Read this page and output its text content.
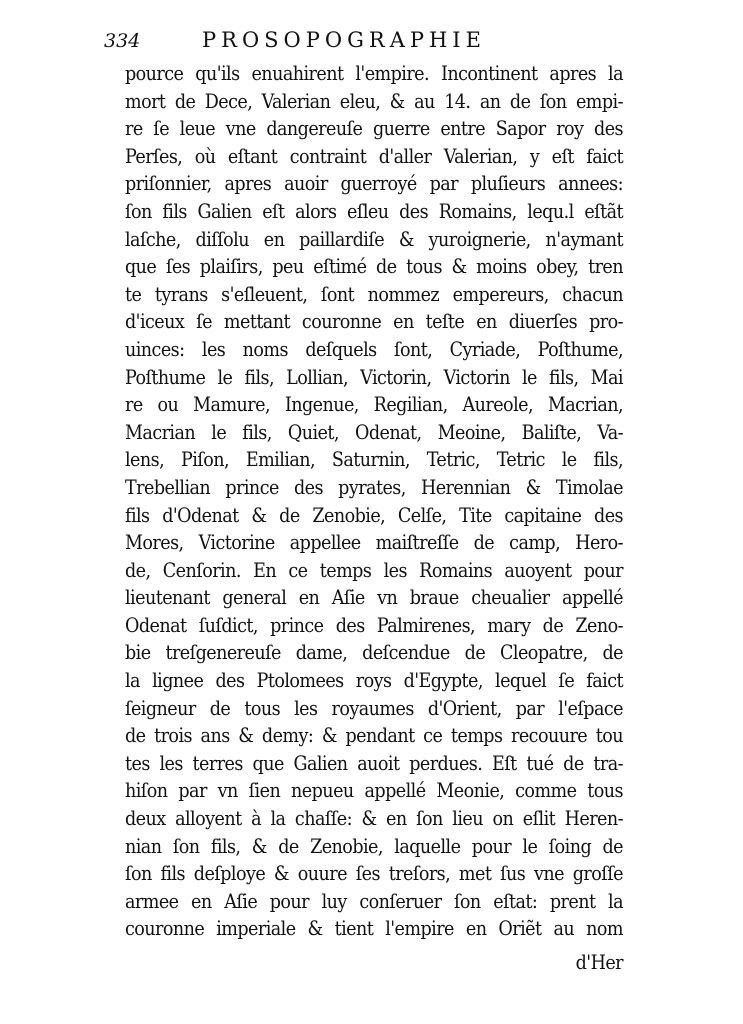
334	PROSOPOGRAPHIE
pource qu'ils enuahirent l'empire. Incontinent apres la
mort de Dece, Valerian eleu, & au 14. an de ſon empi-
re ſe leue vne dangereuſe guerre entre Sapor roy des
Perſes, où eſtant contraint d'aller Valerian, y eſt faict
priſonnier, apres auoir guerroyé par pluſieurs annees:
ſon fils Galien eſt alors eſleu des Romains, lequ.l eſtãt
laſche, diſſolu en paillardiſe & yuroignerie, n'aymant
que ſes plaiſirs, peu eſtimé de tous & moins obey, tren
te tyrans s'eſleuent, ſont nommez empereurs, chacun
d'iceux ſe mettant couronne en teſte en diuerſes pro-
uinces: les noms deſquels ſont, Cyriade, Poſthume,
Poſthume le fils, Lollian, Victorin, Victorin le fils, Mai
re ou Mamure, Ingenue, Regilian, Aureole, Macrian,
Macrian le fils, Quiet, Odenat, Meoine, Baliſte, Va-
lens, Piſon, Emilian, Saturnin, Tetric, Tetric le fils,
Trebellian prince des pyrates, Herennian & Timolae
fils d'Odenat & de Zenobie, Celſe, Tite capitaine des
Mores, Victorine appellee maiſtreſſe de camp, Hero-
de, Cenſorin. En ce temps les Romains auoyent pour
lieutenant general en Aſie vn braue cheualier appellé
Odenat ſuſdict, prince des Palmirenes, mary de Zeno-
bie treſgenereuſe dame, deſcendue de Cleopatre, de
la lignee des Ptolomees roys d'Egypte, lequel ſe faict
ſeigneur de tous les royaumes d'Orient, par l'eſpace
de trois ans & demy: & pendant ce temps recouure tou
tes les terres que Galien auoit perdues. Eſt tué de tra-
hiſon par vn ſien nepueu appellé Meonie, comme tous
deux alloyent à la chaſſe: & en ſon lieu on eſlit Heren-
nian ſon fils, & de Zenobie, laquelle pour le ſoing de
ſon fils deſploye & ouure ſes treſors, met ſus vne groſſe
armee en Aſie pour luy conſeruer ſon eſtat: prent la
couronne imperiale & tient l'empire en Oriẽt au nom
d'Her
